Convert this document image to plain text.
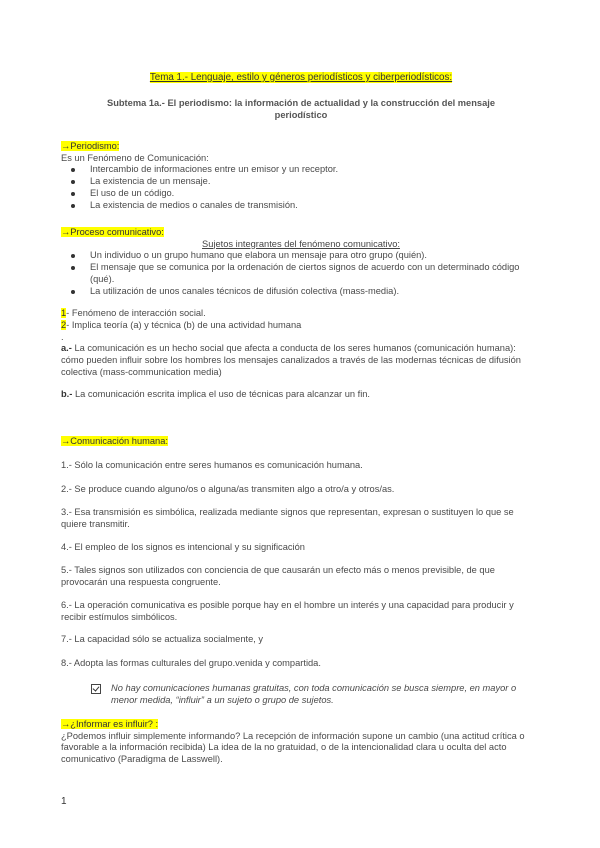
Tema 1.- Lenguaje, estilo y géneros periodísticos y ciberperiodísticos:
Subtema 1a.- El periodismo: la información de actualidad y la construcción del mensaje periodístico
→Periodismo:
Es un Fenómeno de Comunicación:
Intercambio de informaciones entre un emisor y un receptor.
La existencia de un mensaje.
El uso de un código.
La existencia de medios o canales de transmisión.
→Proceso comunicativo:
Sujetos integrantes del fenómeno comunicativo:
Un individuo o un grupo humano que elabora un mensaje para otro grupo (quién).
El mensaje que se comunica por la ordenación de ciertos signos de acuerdo con un determinado código (qué).
La utilización de unos canales técnicos de difusión colectiva (mass-media).
1- Fenómeno de interacción social.
2- Implica teoría (a) y técnica (b) de una actividad humana
.
a.- La comunicación es un hecho social que afecta a conducta de los seres humanos (comunicación humana): cómo pueden influir sobre los hombres los mensajes canalizados a través de las modernas técnicas de difusión colectiva (mass-communication media)
b.- La comunicación escrita implica el uso de técnicas para alcanzar un fin.
→Comunicación humana:
1.- Sólo la comunicación entre seres humanos es comunicación humana.
2.- Se produce cuando alguno/os o alguna/as transmiten algo a otro/a y otros/as.
3.- Esa transmisión es simbólica, realizada mediante signos que representan, expresan o sustituyen lo que se quiere transmitir.
4.- El empleo de los signos es intencional y su significación
5.- Tales signos son utilizados con conciencia de que causarán un efecto más o menos previsible, de que provocarán una respuesta congruente.
6.- La operación comunicativa es posible porque hay en el hombre un interés y una capacidad para producir y recibir estímulos simbólicos.
7.- La capacidad sólo se actualiza socialmente, y
8.- Adopta las formas culturales del grupo.venida y compartida.
No hay comunicaciones humanas gratuitas, con toda comunicación se busca siempre, en mayor o menor medida, “influir” a un sujeto o grupo de sujetos.
→¿Informar es influir? :
¿Podemos influir simplemente informando? La recepción de información supone un cambio (una actitud crítica o favorable a la información recibida) La idea de la no gratuidad, o de la intencionalidad clara u oculta del acto comunicativo (Paradigma de Lasswell).
1
